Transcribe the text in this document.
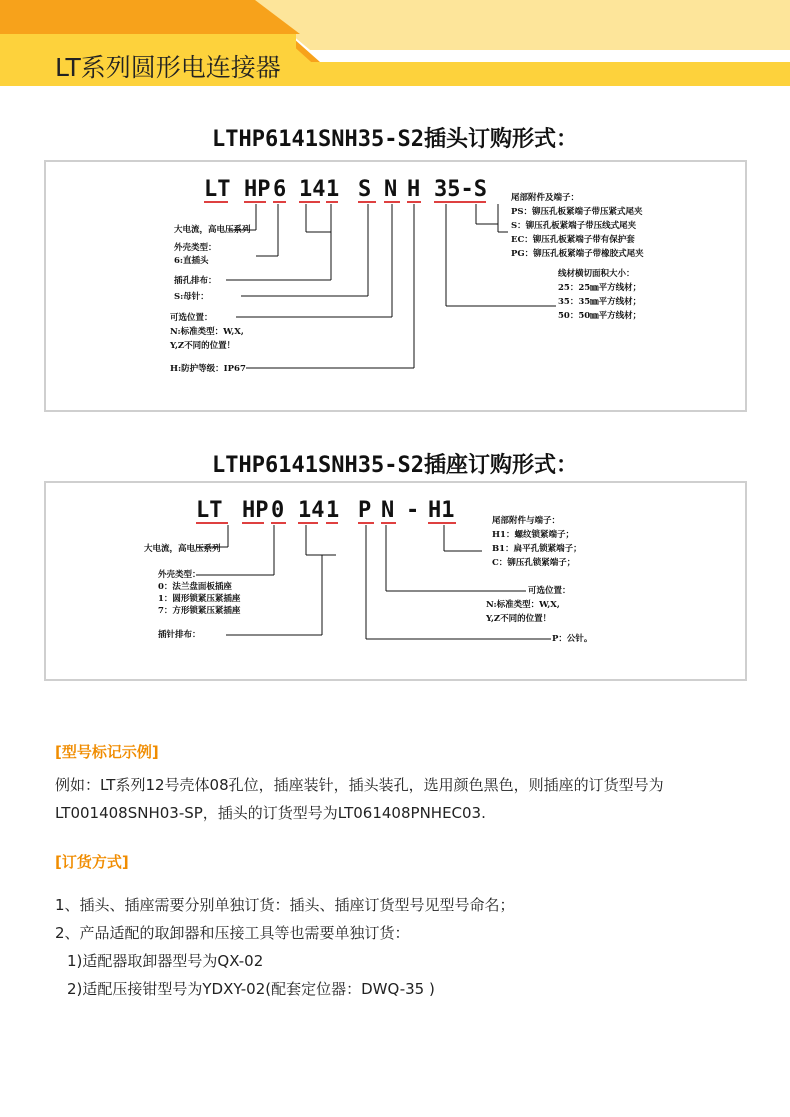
LT系列圆形电连接器
LTHP6141SNH35-S2插头订购形式：
LT HP 6 14 1 S N H 35-S
大电流，高电压系列
外壳类型：
6:直插头
插孔排布：
S:母针：
可选位置：
N:标准类型：W,X,
Y,Z不同的位置！
H:防护等级：IP67
尾部附件及端子：
PS：铆压孔板紧端子带压紧式尾夹
S：铆压孔板紧端子带压线式尾夹
EC：铆压孔板紧端子带有保护套
PG：铆压孔板紧端子带橡胶式尾夹
线材横切面积大小：
25：25㎜平方线材；
35：35㎜平方线材；
50：50㎜平方线材；
LTHP6141SNH35-S2插座订购形式：
LT HP 0 14 1 P N - H1
大电流，高电压系列
外壳类型：
0：法兰盘面板插座
1：圆形锁紧压紧插座
7：方形锁紧压紧插座
插针排布：
尾部附件与端子：
H1：螺纹锁紧端子；
B1：扁平孔锁紧端子；
C：铆压孔锁紧端子；
可选位置：
N:标准类型：W,X,
Y,Z不同的位置！
P：公针。
[型号标记示例]
例如：LT系列12号壳体08孔位，插座装针，插头装孔，选用颜色黑色，则插座的订货型号为
LT001408SNH03-SP，插头的订货型号为LT061408PNHEC03.
[订货方式]
1、插头、插座需要分别单独订货：插头、插座订货型号见型号命名；
2、产品适配的取卸器和压接工具等也需要单独订货：
1)适配器取卸器型号为QX-02
2)适配压接钳型号为YDXY-02(配套定位器：DWQ-35 )
